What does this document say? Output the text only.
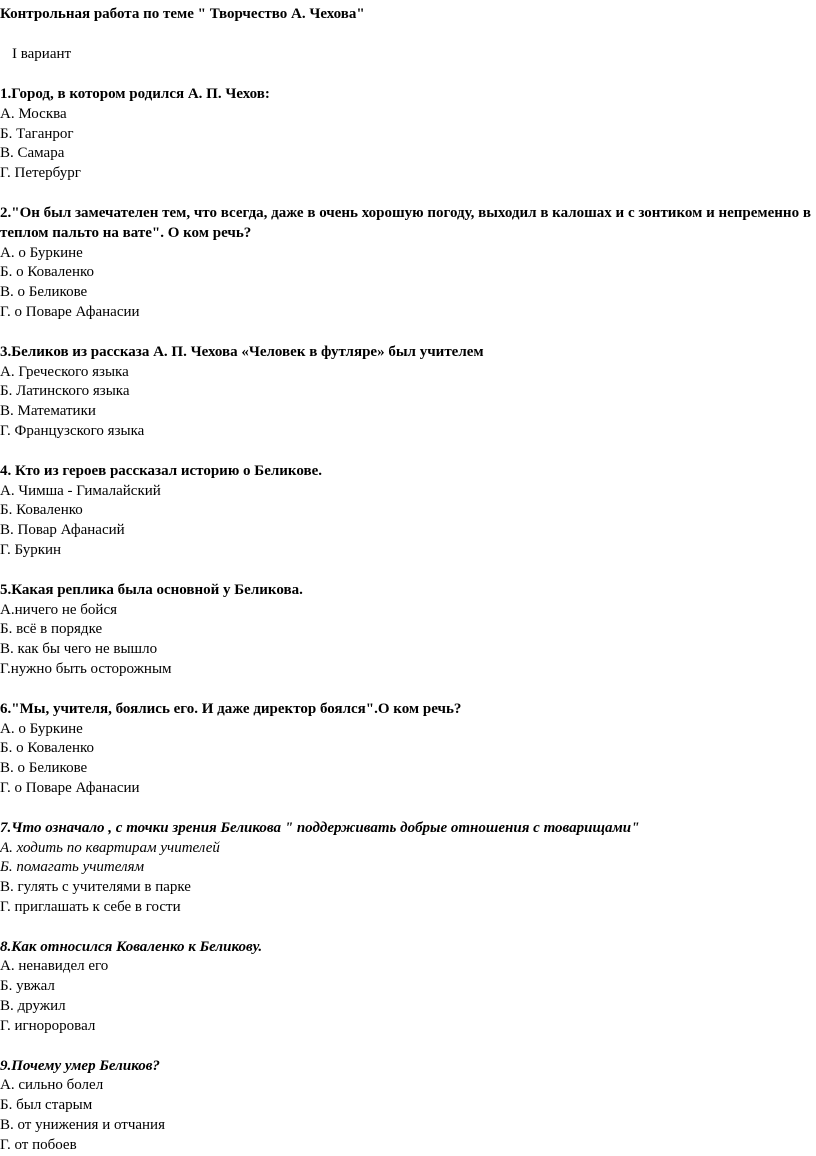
Контрольная работа по теме " Творчество А. Чехова"
I вариант
1.Город, в котором родился А. П. Чехов:
А. Москва
Б. Таганрог
В. Самара
Г. Петербург
2."Он был замечателен тем, что всегда, даже в очень хорошую погоду, выходил в калошах и с зонтиком и непременно в теплом пальто на вате". О ком речь?
А. о Буркине
Б. о Коваленко
В. о Беликове
Г. о Поваре Афанасии
3.Беликов из рассказа А. П. Чехова «Человек в футляре» был учителем
А. Греческого языка
Б. Латинского языка
В. Математики
Г. Французского языка
4. Кто из героев рассказал историю о Беликове.
А. Чимша - Гималайский
Б. Коваленко
В. Повар Афанасий
Г. Буркин
5.Какая реплика была основной у Беликова.
А.ничего не бойся
Б. всё в порядке
В. как бы чего не вышло
Г.нужно быть осторожным
6."Мы, учителя, боялись его. И даже директор боялся".О ком речь?
А. о Буркине
Б. о Коваленко
В. о Беликове
Г. о Поваре Афанасии
7.Что означало , с точки зрения Беликова " поддерживать добрые отношения с товарищами"
А. ходить по квартирам учителей
Б. помагать учителям
В. гулять с учителями в парке
Г. приглашать к себе в гости
8.Как относился Коваленко к Беликову.
А. ненавидел его
Б. увжал
В. дружил
Г. игнороровал
9.Почему умер Беликов?
А. сильно болел
Б. был старым
В. от унижения и отчания
Г. от побоев
